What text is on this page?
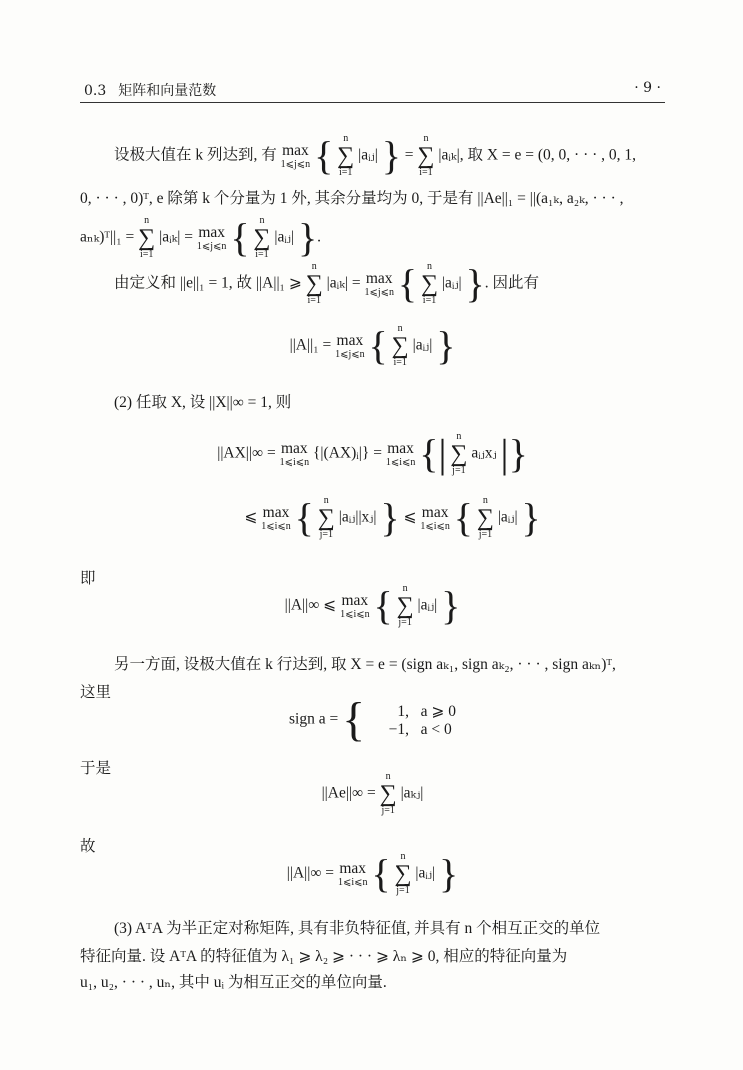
0.3 矩阵和向量范数	· 9 ·
设极大值在 k 列达到, 有 max
1⩽j⩽n { n
∑
i=1
|aᵢⱼ| } =
n
∑
i=1
|aᵢₖ|, 取 X = e = (0, 0, · · · , 0, 1,
0, · · · , 0)ᵀ, e 除第 k 个分量为 1 外, 其余分量均为 0, 于是有 ||Ae||₁ = ||(a₁ₖ, a₂ₖ, · · · ,
aₙₖ)ᵀ||₁ =
n
∑
i=1
|aᵢₖ| = max
1⩽j⩽n { n
∑
i=1
|aᵢⱼ| }.
由定义和 ||e||₁ = 1, 故 ||A||₁ ⩾
n
∑
i=1
|aᵢₖ| = max
1⩽j⩽n { n
∑
i=1
|aᵢⱼ| }. 因此有
||A||₁ = max
1⩽j⩽n { n
∑
i=1
|aᵢⱼ| }
(2) 任取 X, 设 ||X||∞ = 1, 则
||AX||∞ = max
1⩽i⩽n
{|(AX)ᵢ|} = max
1⩽i⩽n {| n
∑
j=1
aᵢⱼxⱼ |}
⩽ max
1⩽i⩽n { n
∑
j=1
|aᵢⱼ||xⱼ| } ⩽ max
1⩽i⩽n { n
∑
j=1
|aᵢⱼ| }
即
||A||∞ ⩽ max
1⩽i⩽n { n
∑
j=1
|aᵢⱼ| }
另一方面, 设极大值在 k 行达到, 取 X = e = (sign aₖ₁, sign aₖ₂, · · · , sign aₖₙ)ᵀ,
这里
sign a = {	1, a ⩾ 0
−1, a < 0
于是
||Ae||∞ =
n
∑
j=1
|aₖⱼ|
故
||A||∞ = max
1⩽i⩽n { n
∑
j=1
|aᵢⱼ| }
(3) AᵀA 为半正定对称矩阵, 具有非负特征值, 并具有 n 个相互正交的单位
特征向量. 设 AᵀA 的特征值为 λ₁ ⩾ λ₂ ⩾ · · · ⩾ λₙ ⩾ 0, 相应的特征向量为
u₁, u₂, · · · , uₙ, 其中 uᵢ 为相互正交的单位向量.
